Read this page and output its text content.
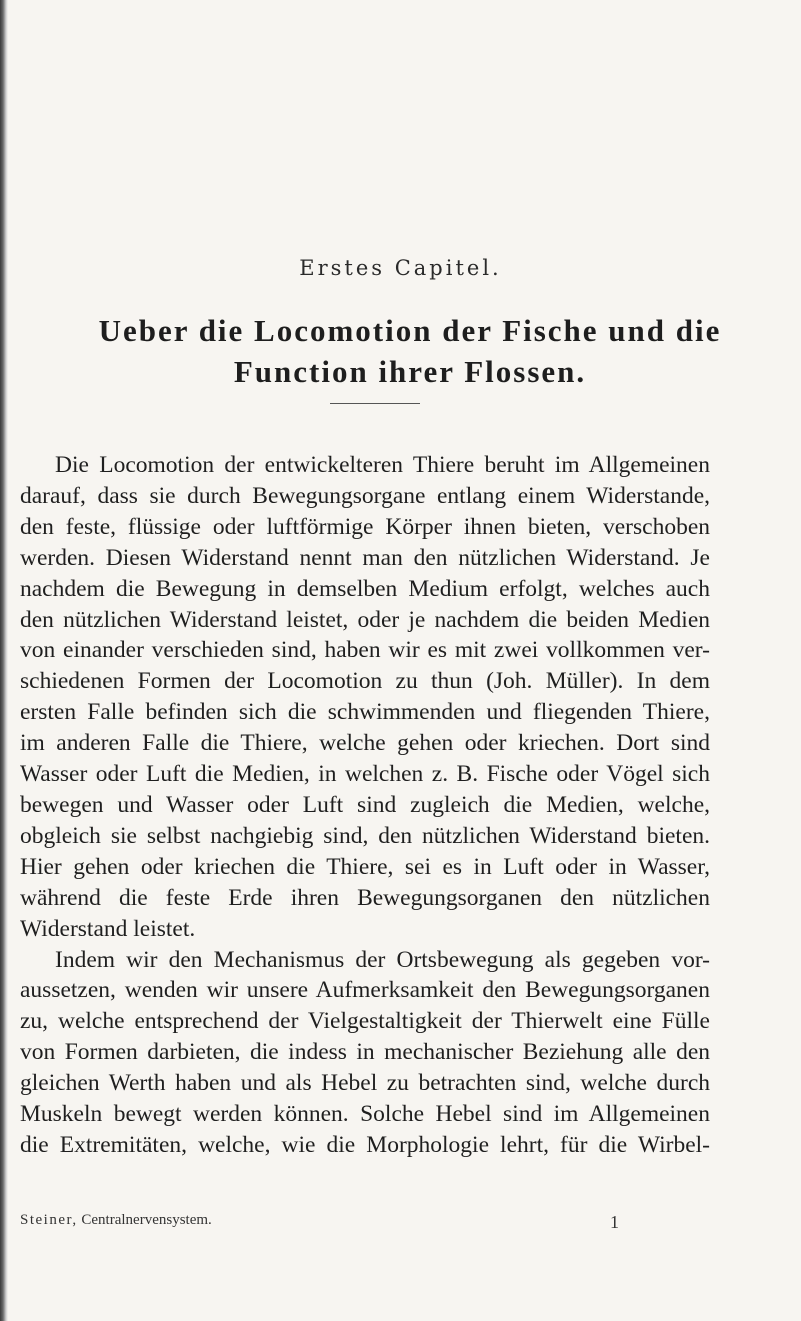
Erstes Capitel.
Ueber die Locomotion der Fische und die
Function ihrer Flossen.
Die Locomotion der entwickelteren Thiere beruht im Allgemeinen
darauf, dass sie durch Bewegungsorgane entlang einem Widerstande,
den feste, flüssige oder luftförmige Körper ihnen bieten, verschoben
werden. Diesen Widerstand nennt man den nützlichen Widerstand. Je
nachdem die Bewegung in demselben Medium erfolgt, welches auch
den nützlichen Widerstand leistet, oder je nachdem die beiden Medien
von einander verschieden sind, haben wir es mit zwei vollkommen ver-
schiedenen Formen der Locomotion zu thun (Joh. Müller). In dem
ersten Falle befinden sich die schwimmenden und fliegenden Thiere,
im anderen Falle die Thiere, welche gehen oder kriechen. Dort sind
Wasser oder Luft die Medien, in welchen z. B. Fische oder Vögel sich
bewegen und Wasser oder Luft sind zugleich die Medien, welche,
obgleich sie selbst nachgiebig sind, den nützlichen Widerstand bieten.
Hier gehen oder kriechen die Thiere, sei es in Luft oder in Wasser,
während die feste Erde ihren Bewegungsorganen den nützlichen
Widerstand leistet.
Indem wir den Mechanismus der Ortsbewegung als gegeben vor-
aussetzen, wenden wir unsere Aufmerksamkeit den Bewegungsorganen
zu, welche entsprechend der Vielgestaltigkeit der Thierwelt eine Fülle
von Formen darbieten, die indess in mechanischer Beziehung alle den
gleichen Werth haben und als Hebel zu betrachten sind, welche durch
Muskeln bewegt werden können. Solche Hebel sind im Allgemeinen
die Extremitäten, welche, wie die Morphologie lehrt, für die Wirbel-
Steiner, Centralnervensystem.	1
